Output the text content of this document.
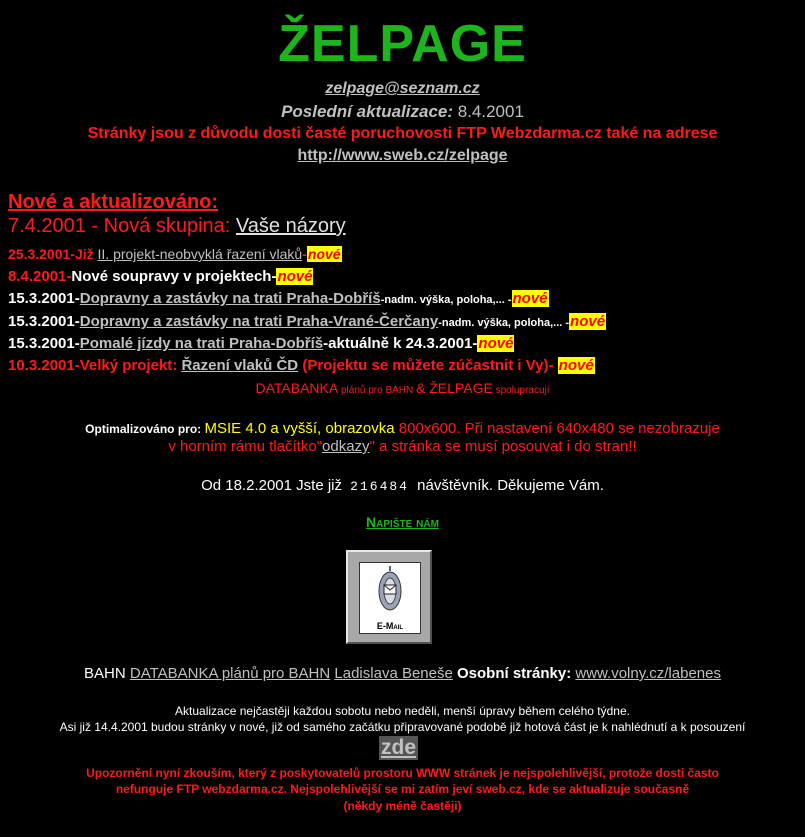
ŽELPAGE
zelpage@seznam.cz
Poslední aktualizace: 8.4.2001
Stránky jsou z důvodu dosti časté poruchovosti FTP Webzdarma.cz také na adrese
http://www.sweb.cz/zelpage
Nové a aktualizováno:
7.4.2001 - Nová skupina: Vaše názory
25.3.2001-Již II. projekt-neobvyklá řazení vlaků-nové
8.4.2001-Nové soupravy v projektech-nové
15.3.2001-Dopravny a zastávky na trati Praha-Dobříš-nadm. výška, poloha,... -nové
15.3.2001-Dopravny a zastávky na trati Praha-Vrané-Čerčany-nadm. výška, poloha,... -nové
15.3.2001-Pomalé jízdy na trati Praha-Dobříš-aktuálně k 24.3.2001-nové
10.3.2001-Velký projekt: Řazení vlaků ČD (Projektu se můžete zúčastnit i Vy)- nové
DATABANKA plánů pro BAHN & ŽELPAGE spolupracují
Optimalizováno pro: MSIE 4.0 a vyšší, obrazovka 800x600. Při nastavení 640x480 se nezobrazuje
v horním rámu tlačítko"odkazy" a stránka se musí posouvat i do stran!!
Od 18.2.2001 Jste již 216484 návštěvník. Děkujeme Vám.
Napište nám
E-Mail
BAHN DATABANKA plánů pro BAHN Ladislava Beneše Osobní stránky: www.volny.cz/labenes
Aktualizace nejčastěji každou sobotu nebo neděli, menší úpravy během celého týdne.
Asi již 14.4.2001 budou stránky v nové, již od samého začátku připravované podobě již hotová část je k nahlédnutí a k posouzení
zde
Upozornění nyní zkouším, který z poskytovatelů prostoru WWW stránek je nejspolehlivější, protože dosti často
nefunguje FTP webzdarma.cz. Nejspolehlivější se mi zatím jeví sweb.cz, kde se aktualizuje současně
(někdy méně častěji)
